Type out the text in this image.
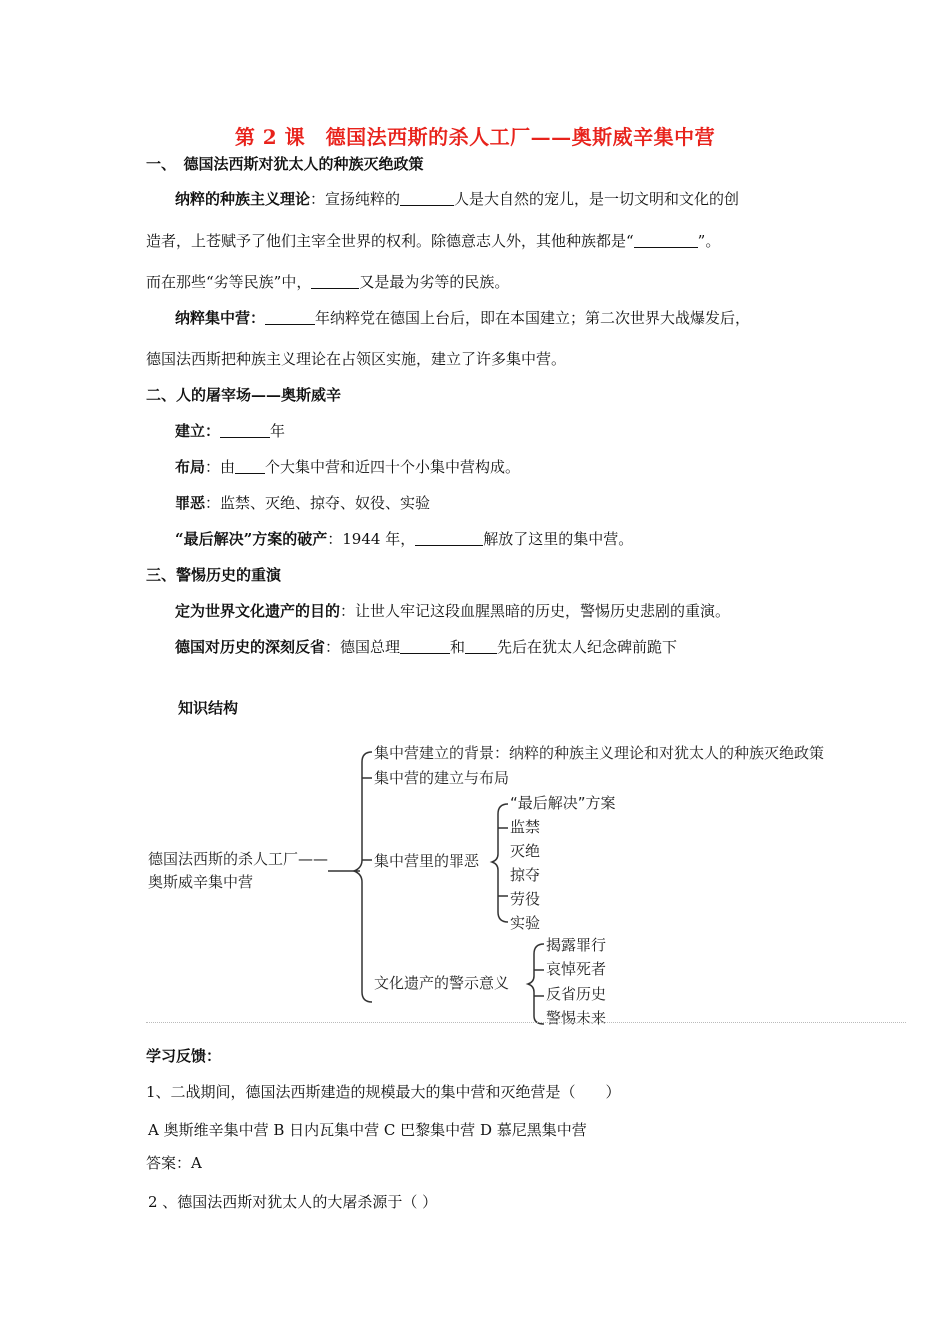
第 2 课　德国法西斯的杀人工厂——奥斯威辛集中营
一、　德国法西斯对犹太人的种族灭绝政策
纳粹的种族主义理论：宣扬纯粹的	人是大自然的宠儿，是一切文明和文化的创
造者，上苍赋予了他们主宰全世界的权利。除德意志人外，其他种族都是“	”。
而在那些“劣等民族”中，	又是最为劣等的民族。
纳粹集中营：	年纳粹党在德国上台后，即在本国建立；第二次世界大战爆发后，
德国法西斯把种族主义理论在占领区实施，建立了许多集中营。
二、人的屠宰场——奥斯威辛
建立：	年
布局：由 个大集中营和近四十个小集中营构成。
罪恶：监禁、灭绝、掠夺、奴役、实验
“最后解决”方案的破产：1944 年，	解放了这里的集中营。
三、警惕历史的重演
定为世界文化遗产的目的：让世人牢记这段血腥黑暗的历史，警惕历史悲剧的重演。
德国对历史的深刻反省：德国总理	和 先后在犹太人纪念碑前跪下
知识结构
德国法西斯的杀人工厂——
奥斯威辛集中营
集中营建立的背景：纳粹的种族主义理论和对犹太人的种族灭绝政策
集中营的建立与布局
集中营里的罪恶
“最后解决”方案
监禁
灭绝
掠夺
劳役
实验
文化遗产的警示意义
揭露罪行
哀悼死者
反省历史
警惕未来
学习反馈：
1、二战期间，德国法西斯建造的规模最大的集中营和灭绝营是（　　）
A 奥斯维辛集中营 B 日内瓦集中营 C 巴黎集中营 D 慕尼黑集中营
答案：A
2 、德国法西斯对犹太人的大屠杀源于（ ）
